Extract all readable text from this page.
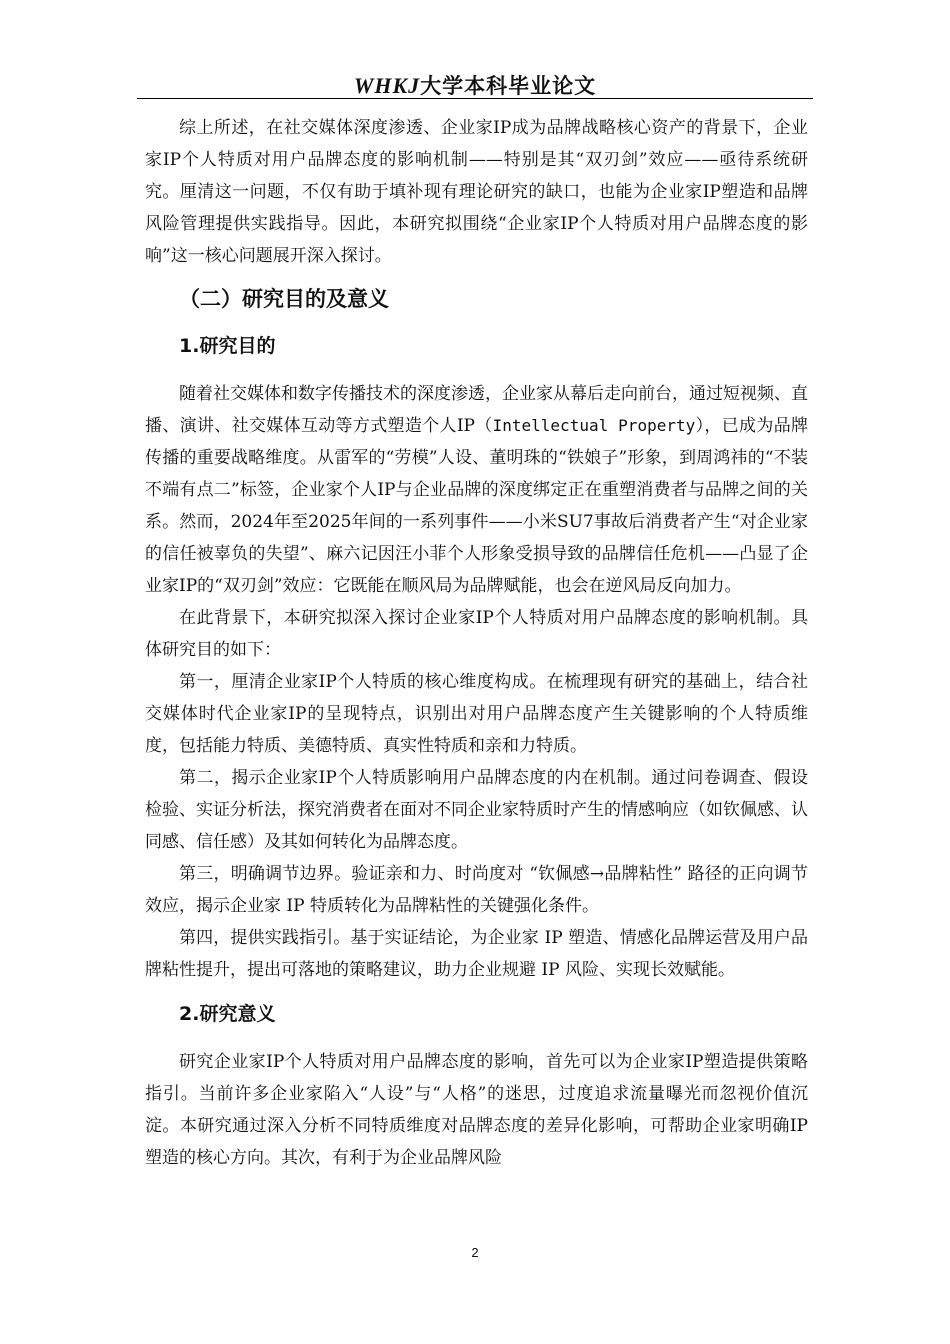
WHKJ大学本科毕业论文

综上所述，在社交媒体深度渗透、企业家IP成为品牌战略核心资产的背景下，企业家IP个人特质对用户品牌态度的影响机制——特别是其“双刃剑”效应——亟待系统研究。厘清这一问题，不仅有助于填补现有理论研究的缺口，也能为企业家IP塑造和品牌风险管理提供实践指导。因此，本研究拟围绕“企业家IP个人特质对用户品牌态度的影响”这一核心问题展开深入探讨。

（二）研究目的及意义
1.研究目的

随着社交媒体和数字传播技术的深度渗透，企业家从幕后走向前台，通过短视频、直播、演讲、社交媒体互动等方式塑造个人IP（Intellectual Property），已成为品牌传播的重要战略维度。从雷军的“劳模”人设、董明珠的“铁娘子”形象，到周鸿祎的“不装不端有点二”标签，企业家个人IP与企业品牌的深度绑定正在重塑消费者与品牌之间的关系。然而，2024年至2025年间的一系列事件——小米SU7事故后消费者产生“对企业家的信任被辜负的失望”、麻六记因汪小菲个人形象受损导致的品牌信任危机——凸显了企业家IP的“双刃剑”效应：它既能在顺风局为品牌赋能，也会在逆风局反向加力。

在此背景下，本研究拟深入探讨企业家IP个人特质对用户品牌态度的影响机制。具体研究目的如下：

第一，厘清企业家IP个人特质的核心维度构成。在梳理现有研究的基础上，结合社交媒体时代企业家IP的呈现特点，识别出对用户品牌态度产生关键影响的个人特质维度，包括能力特质、美德特质、真实性特质和亲和力特质。

第二，揭示企业家IP个人特质影响用户品牌态度的内在机制。通过问卷调查、假设检验、实证分析法，探究消费者在面对不同企业家特质时产生的情感响应（如钦佩感、认同感、信任感）及其如何转化为品牌态度。

第三，明确调节边界。验证亲和力、时尚度对 “钦佩感→品牌粘性” 路径的正向调节效应，揭示企业家 IP 特质转化为品牌粘性的关键强化条件。

第四，提供实践指引。基于实证结论，为企业家 IP 塑造、情感化品牌运营及用户品牌粘性提升，提出可落地的策略建议，助力企业规避 IP 风险、实现长效赋能。

2.研究意义

研究企业家IP个人特质对用户品牌态度的影响，首先可以为企业家IP塑造提供策略指引。当前许多企业家陷入“人设”与“人格”的迷思，过度追求流量曝光而忽视价值沉淀。本研究通过深入分析不同特质维度对品牌态度的差异化影响，可帮助企业家明确IP塑造的核心方向。其次，有利于为企业品牌风险

2
